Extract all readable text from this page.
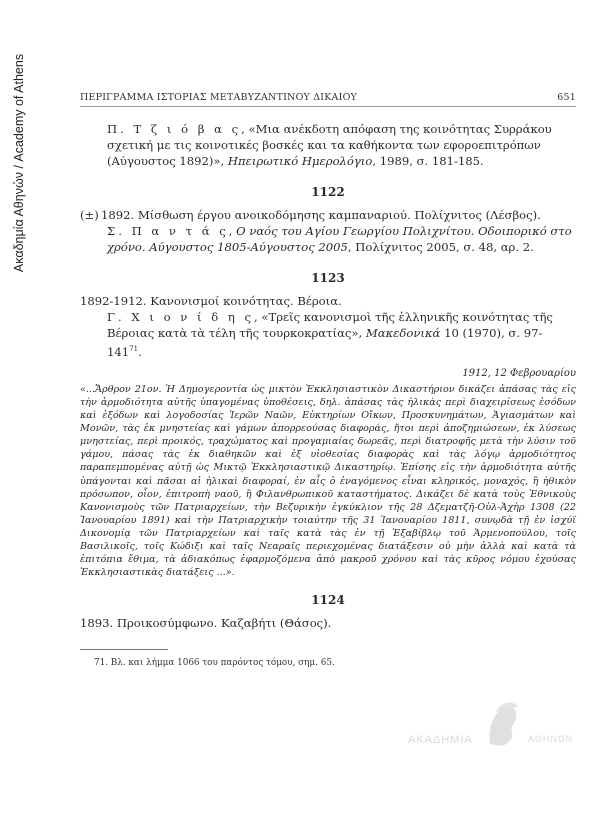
Ακαδημία Αθηνών / Academy of Athens	ΠΕΡΙΓΡΑΜΜΑ ΙΣΤΟΡΙΑΣ ΜΕΤΑΒΥΖΑΝΤΙΝΟΥ ΔΙΚΑΙΟΥ	651
Π. Τ ζ ι ό β α ς, «Μια ανέκδοτη απόφαση της κοινότητας Συρράκου σχετική με τις κοινοτικές βοσκές και τα καθήκοντα των εφοροεπιτρόπων (Αύγουστος 1892)», Ηπειρωτικό Ημερολόγιο, 1989, σ. 181-185.
1122
(±) 1892. Μίσθωση έργου ανοικοδόμησης καμπαναριού. Πολίχνιτος (Λέσβος).
Σ. Π α ν τ ά ς, Ο ναός του Αγίου Γεωργίου Πολιχνίτου. Οδοιπορικό στο χρόνο. Αύγουστος 1805-Αύγουστος 2005, Πολίχνιτος 2005, σ. 48, αρ. 2.
1123
1892-1912. Κανονισμοί κοινότητας. Βέροια.
Γ. Χ ι ο ν ί δ η ς, «Τρεῖς κανονισμοὶ τῆς ἑλληνικῆς κοινότητας τῆς Βέροιας κατὰ τὰ τέλη τῆς τουρκοκρατίας», Μακεδονικά 10 (1970), σ. $97-141^{71}$.
1912, 12 Φεβρουαρίου
«...Ἄρθρον 21ον. Ἡ Δημογεροντία ὡς μικτὸν Ἐκκλησιαστικὸν Δικαστήριον δικάζει ἁπάσας τὰς εἰς τὴν ἁρμοδιότητα αὐτῆς ὑπαγομένας ὑποθέσεις, δηλ. ἁπάσας τὰς ἠλικὰς περὶ διαχειρίσεως ἐσόδων καὶ ἐξόδων καὶ λογοδοσίας Ἱερῶν Ναῶν, Εὐκτηρίων Οἴκων, Προσκυνημάτων, Ἁγιασμάτων καὶ Μονῶν, τὰς ἐκ μνηστείας καὶ γάμων ἀπορρεούσας διαφοράς, ἤτοι περὶ ἀποζημιώσεων, ἐκ λύσεως μνηστείας, περὶ προικός, τραχώματος καὶ προγαμιαίας δωρεᾶς, περὶ διατροφῆς μετὰ τὴν λύσιν τοῦ γάμου, πάσας τὰς ἐκ διαθηκῶν καὶ ἐξ υἱοθεσίας διαφορὰς καὶ τὰς λόγῳ ἁρμοδιότητος παραπεμπομένας αὐτῇ ὡς Μικτῷ Ἐκκλησιαστικῷ Δικαστηρίῳ. Ἐπίσης εἰς τὴν ἁρμοδιότητα αὐτῆς ὑπάγονται καὶ πᾶσαι αἱ ἠλικαὶ διαφοραί, ἐν αἷς ὁ ἐναγόμενος εἶναι κληρικός, μοναχός, ἢ ἠθικὸν πρόσωπον, οἷον, ἐπιτροπὴ ναοῦ, ἢ Φιλανθρωπικοῦ καταστήματος. Δικάζει δὲ κατὰ τοὺς Ἐθνικοὺς Κανονισμοὺς τῶν Πατριαρχείων, τὴν Βεζυρικὴν ἐγκύκλιον τῆς 28 Δζεματζῆ-Οὐλ-Ἀχὴρ 1308 (22 Ἰανουαρίου 1891) καὶ τὴν Πατριαρχικὴν τοιαύτην τῆς 31 Ἰανουαρίου 1811, συνῳδὰ τῇ ἐν ἰσχύϊ Δικονομίᾳ τῶν Πατριαρχείων καὶ ταῖς κατὰ τὰς ἐν τῇ Ἑξαβίβλῳ τοῦ Ἁρμενοπούλου, τοῖς Βασιλικοῖς, τοῖς Κώδιξι καὶ ταῖς Νεαραῖς περιεχομένας διατάξεσιν οὐ μὴν ἀλλὰ καὶ κατὰ τὰ ἐπιτόπια ἔθιμα, τὰ ἀδιακόπως ἐφαρμοζόμενα ἀπὸ μακροῦ χρόνου καὶ τὰς κῦρος νόμου ἐχούσας Ἐκκλησιαστικὰς διατάξεις ...».
1124
1893. Προικοσύμφωνο. Καζαβήτι (Θάσος).
71. Βλ. και λήμμα 1066 του παρόντος τόμου, σημ. 65.
ΑΚΑΔΗΜΙΑ	ΑΘΗΝΩΝ
